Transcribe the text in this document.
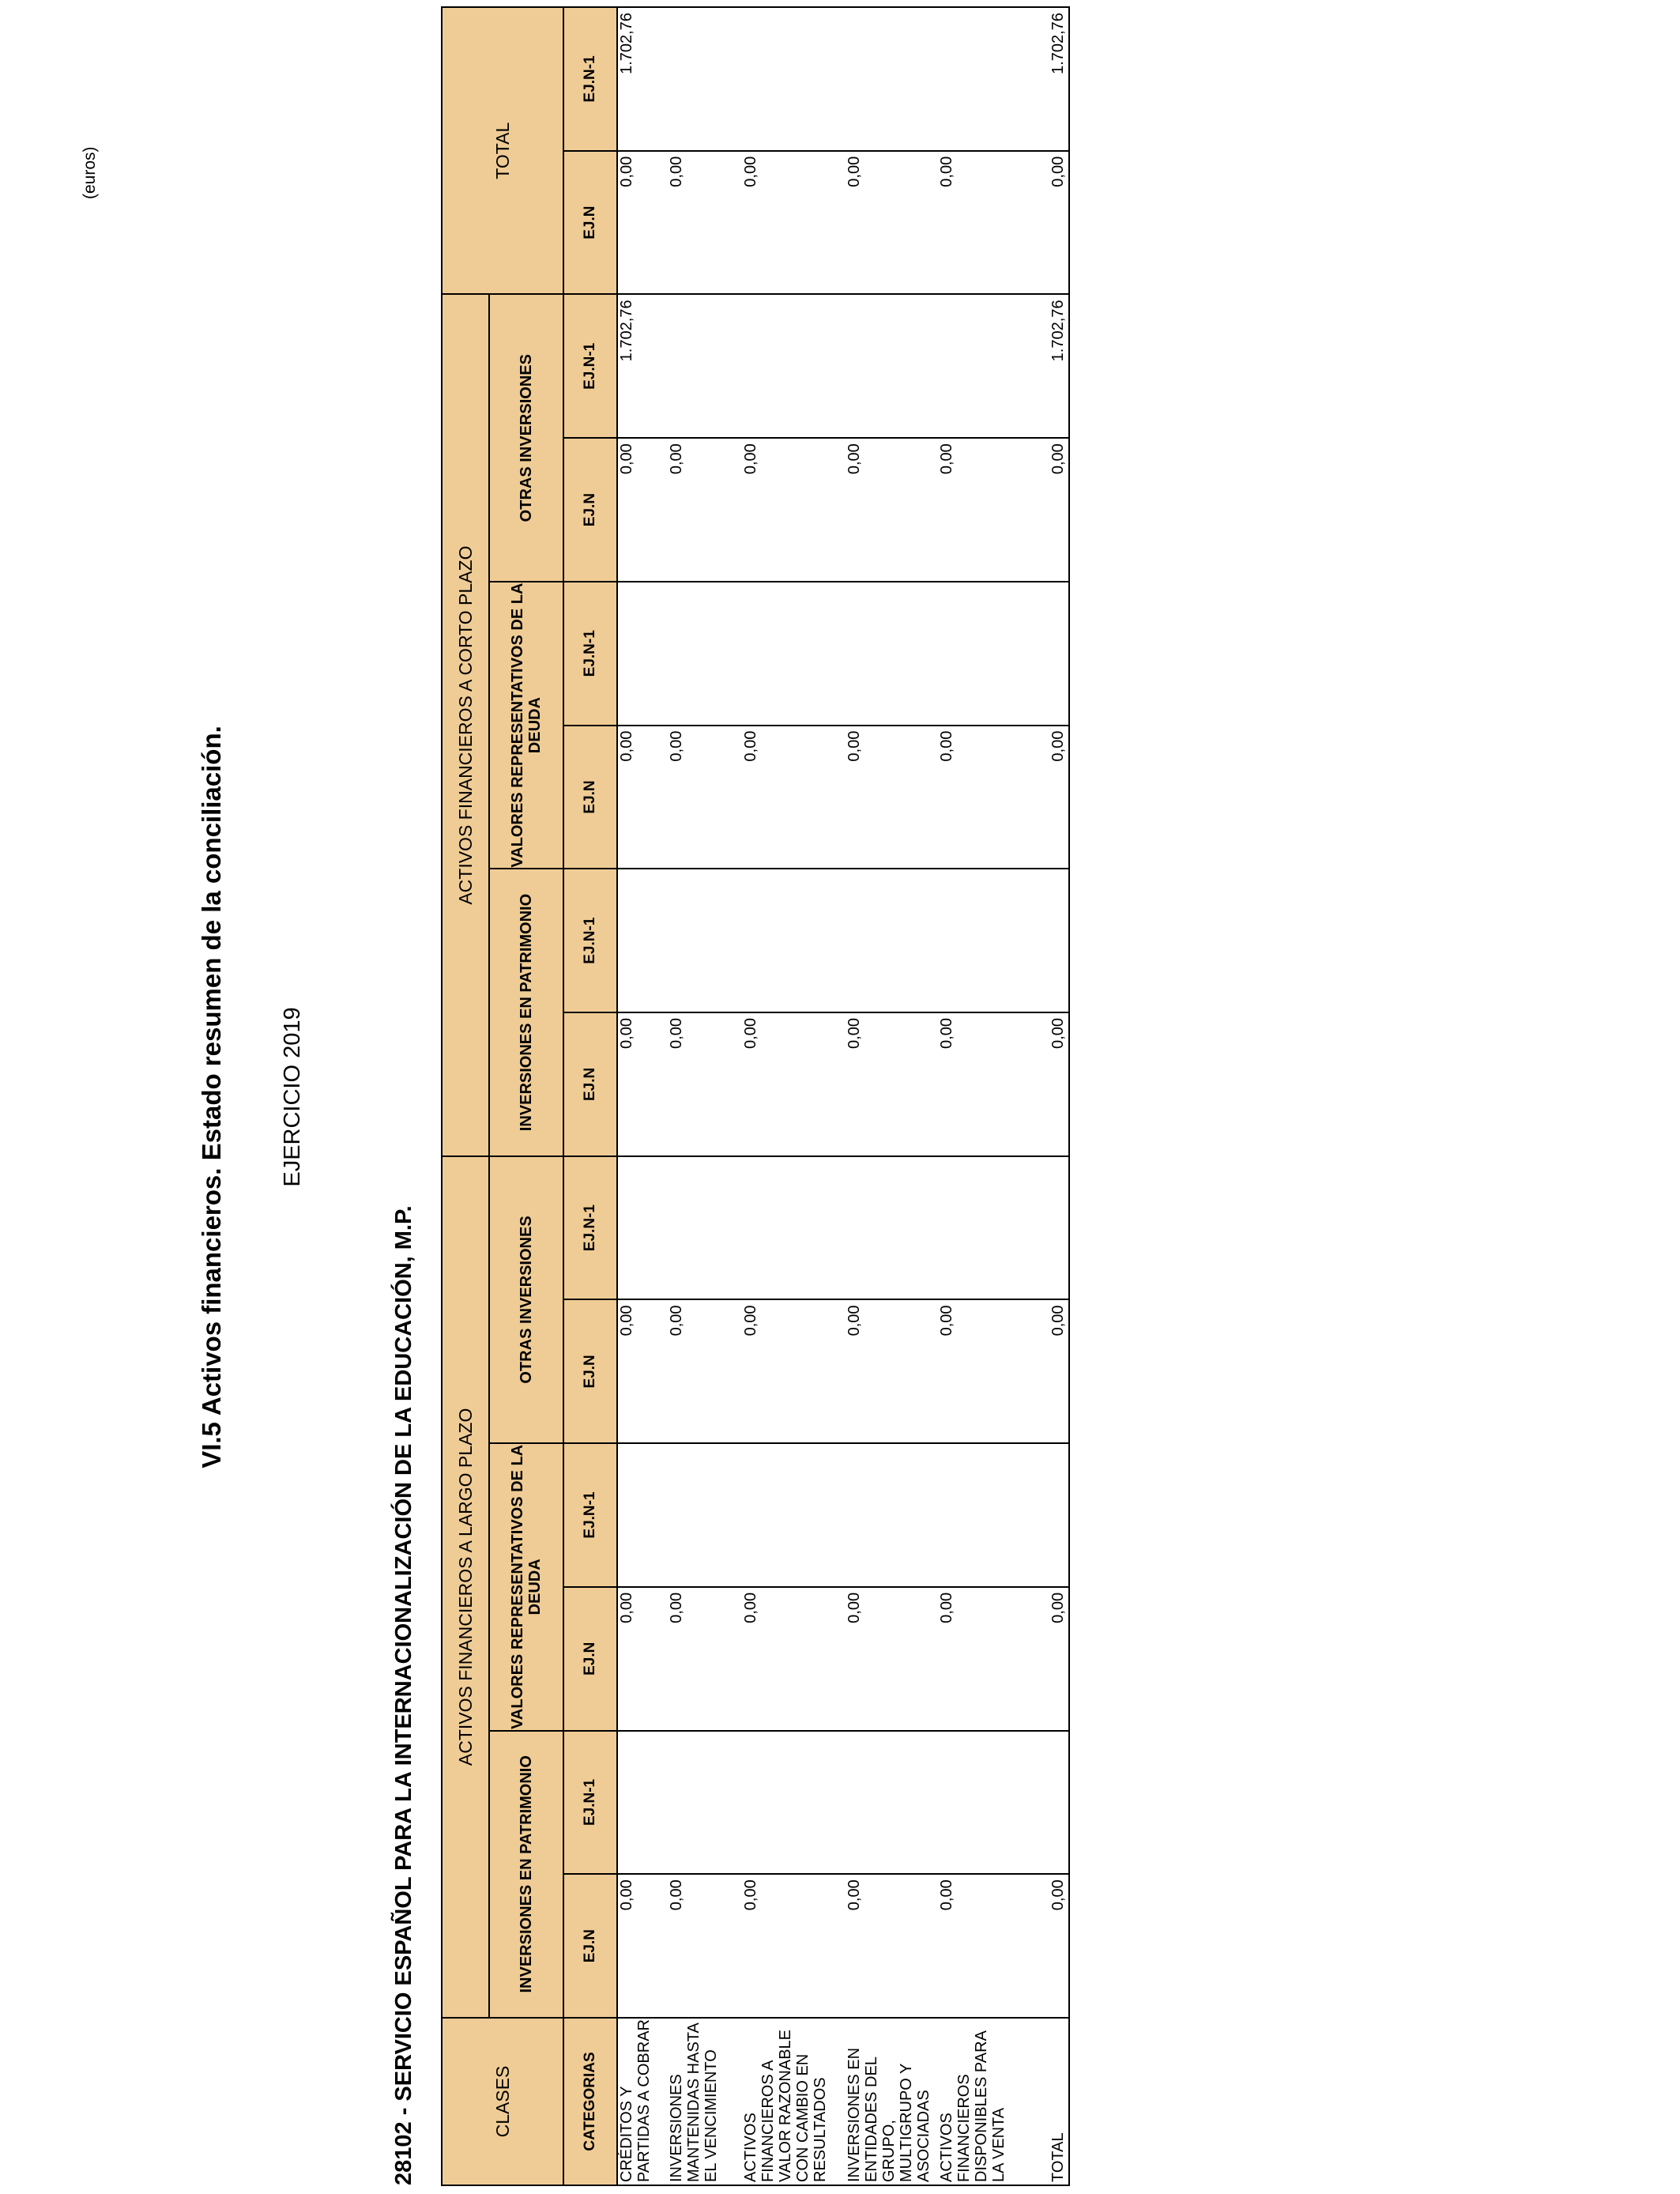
VI.5 Activos financieros. Estado resumen de la conciliación. EJERCICIO 2019
28102 - SERVICIO ESPAÑOL PARA LA INTERNACIONALIZACIÓN DE LA EDUCACIÓN, M.P.
(euros)
CLASES	ACTIVOS FINANCIEROS A LARGO PLAZO						ACTIVOS FINANCIEROS A CORTO PLAZO						TOTAL	
	INVERSIONES EN PATRIMONIO		VALORES REPRESENTATIVOS DE LA DEUDA		OTRAS INVERSIONES		INVERSIONES EN PATRIMONIO		VALORES REPRESENTATIVOS DE LA DEUDA		OTRAS INVERSIONES			
CATEGORIAS	EJ.N	EJ.N-1	EJ.N	EJ.N-1	EJ.N	EJ.N-1	EJ.N	EJ.N-1	EJ.N	EJ.N-1	EJ.N	EJ.N-1	EJ.N	EJ.N-1
CRÉDITOS Y PARTIDAS A COBRAR	0,00		0,00		0,00		0,00		0,00		0,00	1.702,76	0,00	1.702,76
INVERSIONES MANTENIDAS HASTA EL VENCIMIENTO	0,00		0,00		0,00		0,00		0,00		0,00		0,00	
ACTIVOS FINANCIEROS A VALOR RAZONABLE CON CAMBIO EN RESULTADOS	0,00		0,00		0,00		0,00		0,00		0,00		0,00	
INVERSIONES EN ENTIDADES DEL GRUPO, MULTIGRUPO Y ASOCIADAS	0,00		0,00		0,00		0,00		0,00		0,00		0,00	
ACTIVOS FINANCIEROS DISPONIBLES PARA LA VENTA	0,00		0,00		0,00		0,00		0,00		0,00		0,00	
TOTAL	0,00		0,00		0,00		0,00		0,00		0,00	1.702,76	0,00	1.702,76
